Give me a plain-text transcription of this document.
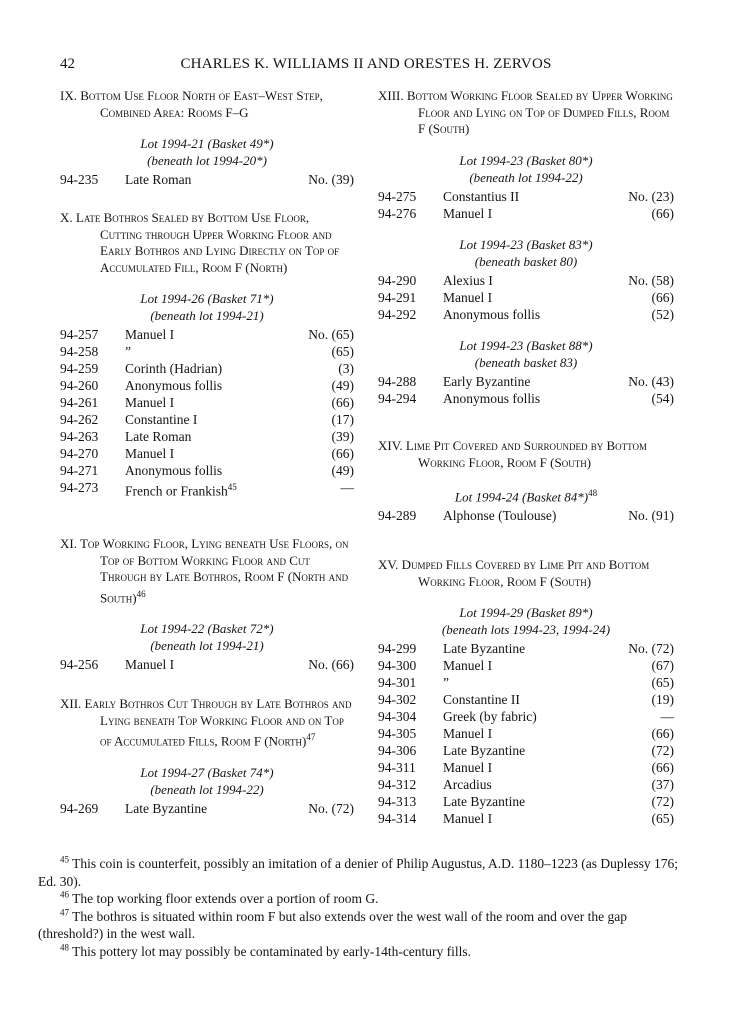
42	CHARLES K. WILLIAMS II AND ORESTES H. ZERVOS

IX. Bottom Use Floor North of East–West Step, Combined Area: Rooms F–G

Lot 1994-21 (Basket 49*)
(beneath lot 1994-20*)
94-235	Late Roman	No. (39)

X. Late Bothros Sealed by Bottom Use Floor, Cutting through Upper Working Floor and Early Bothros and Lying Directly on Top of Accumulated Fill, Room F (North)

Lot 1994-26 (Basket 71*)
(beneath lot 1994-21)
94-257	Manuel I	No. (65)
94-258	”	(65)
94-259	Corinth (Hadrian)	(3)
94-260	Anonymous follis	(49)
94-261	Manuel I	(66)
94-262	Constantine I	(17)
94-263	Late Roman	(39)
94-270	Manuel I	(66)
94-271	Anonymous follis	(49)
94-273	French or Frankish$^{45}$	—

XI. Top Working Floor, Lying beneath Use Floors, on Top of Bottom Working Floor and Cut Through by Late Bothros, Room F (North and South)$^{46}$

Lot 1994-22 (Basket 72*)
(beneath lot 1994-21)
94-256	Manuel I	No. (66)

XII. Early Bothros Cut Through by Late Bothros and Lying beneath Top Working Floor and on Top of Accumulated Fills, Room F (North)$^{47}$

Lot 1994-27 (Basket 74*)
(beneath lot 1994-22)
94-269	Late Byzantine	No. (72)

XIII. Bottom Working Floor Sealed by Upper Working Floor and Lying on Top of Dumped Fills, Room F (South)

Lot 1994-23 (Basket 80*)
(beneath lot 1994-22)
94-275	Constantius II	No. (23)
94-276	Manuel I	(66)
Lot 1994-23 (Basket 83*)
(beneath basket 80)
94-290	Alexius I	No. (58)
94-291	Manuel I	(66)
94-292	Anonymous follis	(52)
Lot 1994-23 (Basket 88*)
(beneath basket 83)
94-288	Early Byzantine	No. (43)
94-294	Anonymous follis	(54)

XIV. Lime Pit Covered and Surrounded by Bottom Working Floor, Room F (South)

Lot 1994-24 (Basket 84*)$^{48}$
94-289	Alphonse (Toulouse)	No. (91)

XV. Dumped Fills Covered by Lime Pit and Bottom Working Floor, Room F (South)

Lot 1994-29 (Basket 89*)
(beneath lots 1994-23, 1994-24)
94-299	Late Byzantine	No. (72)
94-300	Manuel I	(67)
94-301	”	(65)
94-302	Constantine II	(19)
94-304	Greek (by fabric)	—
94-305	Manuel I	(66)
94-306	Late Byzantine	(72)
94-311	Manuel I	(66)
94-312	Arcadius	(37)
94-313	Late Byzantine	(72)
94-314	Manuel I	(65)

$^{45}$ This coin is counterfeit, possibly an imitation of a denier of Philip Augustus, A.D. 1180–1223 (as Duplessy 176; Ed. 30).

$^{46}$ The top working floor extends over a portion of room G.

$^{47}$ The bothros is situated within room F but also extends over the west wall of the room and over the gap (threshold?) in the west wall.

$^{48}$ This pottery lot may possibly be contaminated by early-14th-century fills.
